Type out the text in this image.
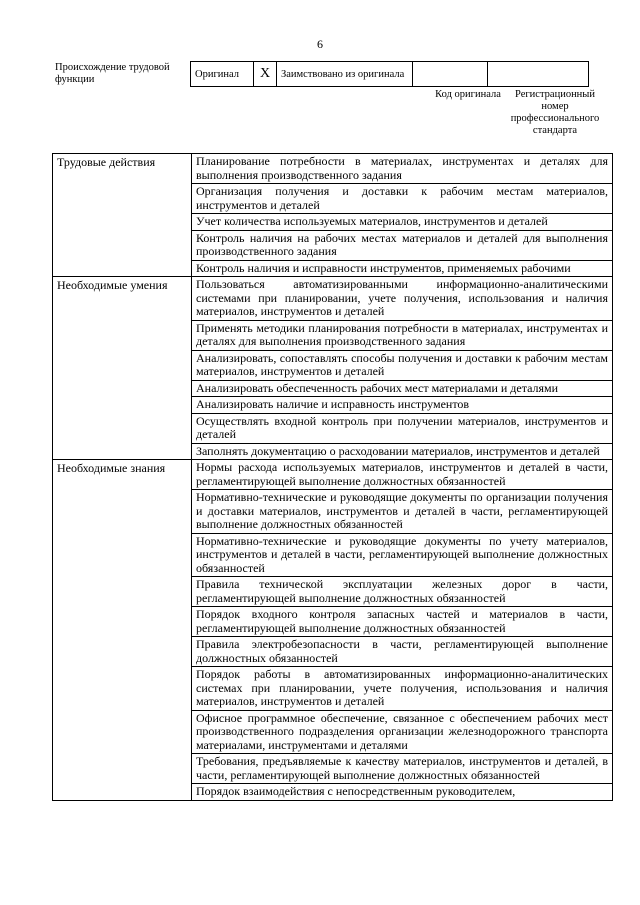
6
Происхождение трудовой функции	Оригинал	X	Заимствовано из оригинала		
Код оригинала	Регистрационный номер профессионального стандарта
Трудовые действия	Планирование потребности в материалах, инструментах и деталях для выполнения производственного задания
	Организация получения и доставки к рабочим местам материалов, инструментов и деталей
	Учет количества используемых материалов, инструментов и деталей
	Контроль наличия на рабочих местах материалов и деталей для выполнения производственного задания
	Контроль наличия и исправности инструментов, применяемых рабочими
Необходимые умения	Пользоваться автоматизированными информационно-аналитическими системами при планировании, учете получения, использования и наличия материалов, инструментов и деталей
	Применять методики планирования потребности в материалах, инструментах и деталях для выполнения производственного задания
	Анализировать, сопоставлять способы получения и доставки к рабочим местам материалов, инструментов и деталей
	Анализировать обеспеченность рабочих мест материалами и деталями
	Анализировать наличие и исправность инструментов
	Осуществлять входной контроль при получении материалов, инструментов и деталей
	Заполнять документацию о расходовании материалов, инструментов и деталей
Необходимые знания	Нормы расхода используемых материалов, инструментов и деталей в части, регламентирующей выполнение должностных обязанностей
	Нормативно-технические и руководящие документы по организации получения и доставки материалов, инструментов и деталей в части, регламентирующей выполнение должностных обязанностей
	Нормативно-технические и руководящие документы по учету материалов, инструментов и деталей в части, регламентирующей выполнение должностных обязанностей
	Правила технической эксплуатации железных дорог в части, регламентирующей выполнение должностных обязанностей
	Порядок входного контроля запасных частей и материалов в части, регламентирующей выполнение должностных обязанностей
	Правила электробезопасности в части, регламентирующей выполнение должностных обязанностей
	Порядок работы в автоматизированных информационно-аналитических системах при планировании, учете получения, использования и наличия материалов, инструментов и деталей
	Офисное программное обеспечение, связанное с обеспечением рабочих мест производственного подразделения организации железнодорожного транспорта материалами, инструментами и деталями
	Требования, предъявляемые к качеству материалов, инструментов и деталей, в части, регламентирующей выполнение должностных обязанностей
	Порядок взаимодействия с непосредственным руководителем,
